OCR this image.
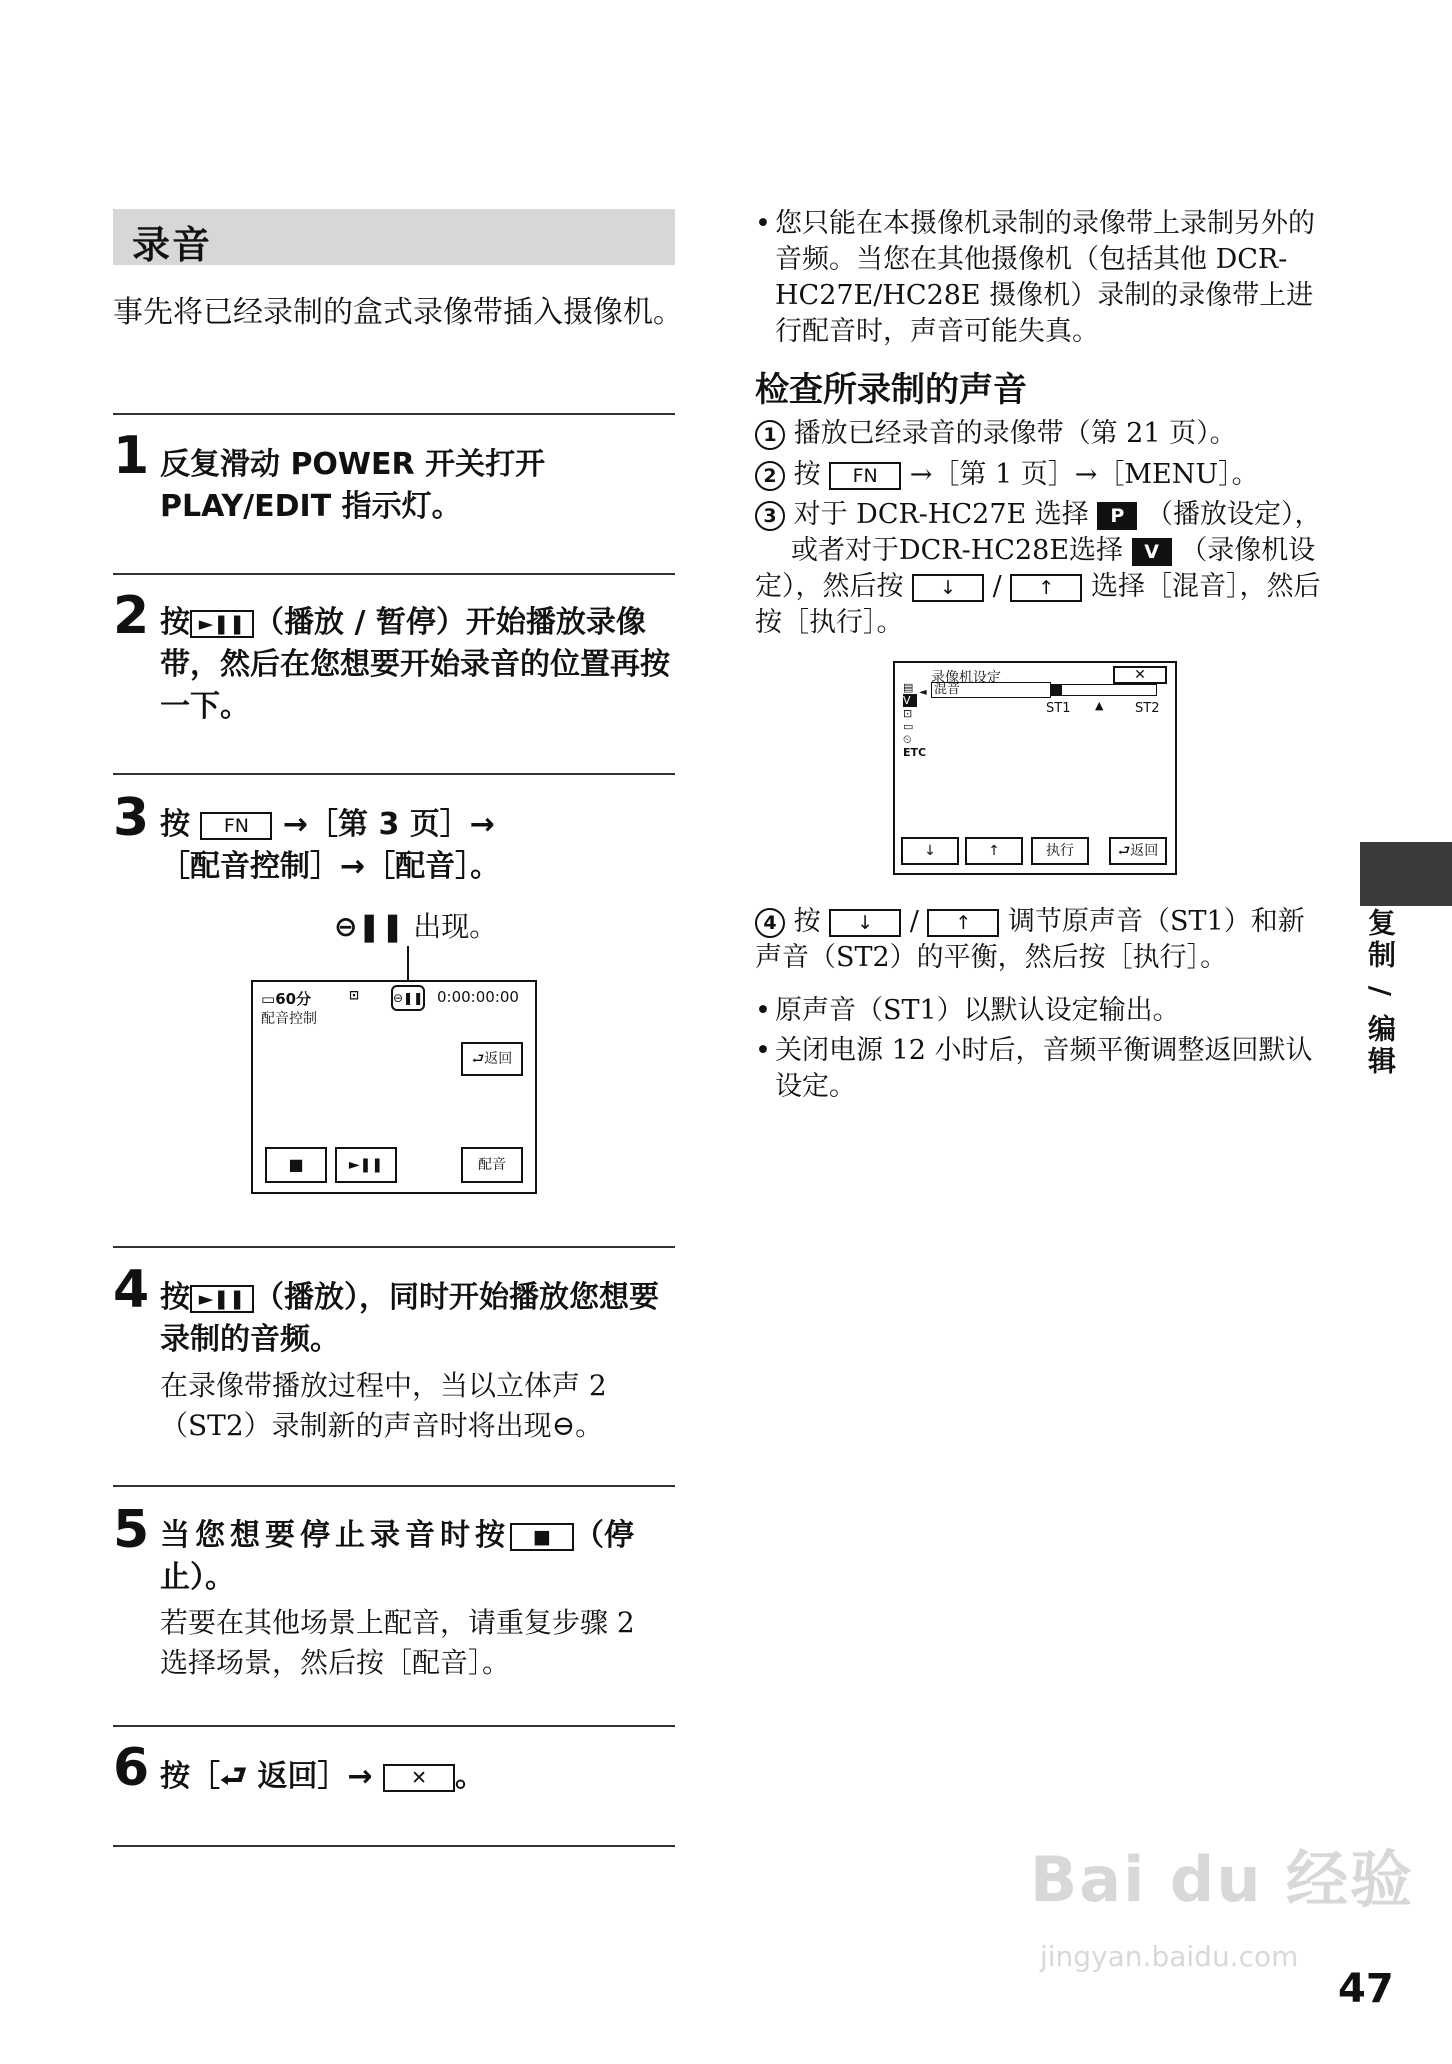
录音
事先将已经录制的盒式录像带插入摄像机。
1 反复滑动 POWER 开关打开 PLAY/EDIT 指示灯。
2 按 ►❚❚ （播放 / 暂停）开始播放录像带，然后在您想要开始录音的位置再按一下。
3 按 FN →［第 3 页］→
［配音控制］→［配音］。
⊖❚❚ 出现。
▭60分	⊡	⊖❚❚ 0:00:00:00
配音控制
⮐返回
■	►❚❚	配音
4 按 ►❚❚ （播放），同时开始播放您想要录制的音频。
在录像带播放过程中，当以立体声 2（ST2）录制新的声音时将出现⊖。
5 当您想要停止录音时按 ■ （停止）。
若要在其他场景上配音，请重复步骤 2 选择场景，然后按［配音］。
6 按［⮐ 返回］→ ✕ 。
• 您只能在本摄像机录制的录像带上录制另外的音频。当您在其他摄像机（包括其他 DCR-HC27E/HC28E 摄像机）录制的录像带上进行配音时，声音可能失真。
检查所录制的声音
1 播放已经录音的录像带（第 21 页）。
2 按 FN →［第 1 页］→［MENU］。
3 对于 DCR-HC27E 选择 P （播放设定），
或者对于DCR-HC28E选择 V （录像机设定），然后按 ↓ / ↑ 选择［混音］，然后按［执行］。
录像机设定	✕
▤
V
⊡
▭
⏲
ETC
◄ 混音
ST1 ▲ ST2
↓	↑	执行	⮐返回
4 按 ↓ / ↑ 调节原声音（ST1）和新声音（ST2）的平衡，然后按［执行］。
• 原声音（ST1）以默认设定输出。
• 关闭电源 12 小时后，音频平衡调整返回默认设定。
复制 / 编辑
Bai du 经验
jingyan.baidu.com
47
